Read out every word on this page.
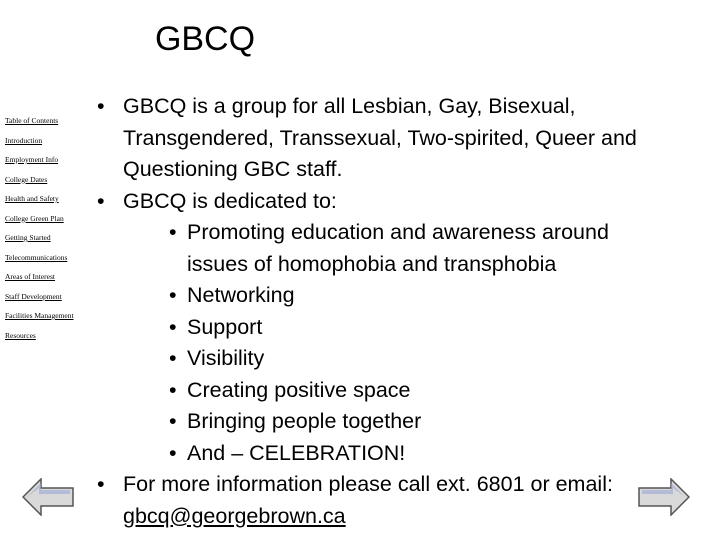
GBCQ
Table of Contents
Introduction
Employment Info
College Dates
Health and Safety
College Green Plan
Getting Started
Telecommunications
Areas of Interest
Staff Development
Facilities Management
Resources
• GBCQ is a group for all Lesbian, Gay, Bisexual,
Transgendered, Transsexual, Two-spirited, Queer and
Questioning GBC staff.
• GBCQ is dedicated to:
• Promoting education and awareness around
issues of homophobia and transphobia
• Networking
• Support
• Visibility
• Creating positive space
• Bringing people together
• And – CELEBRATION!
• For more information please call ext. 6801 or email:
gbcq@georgebrown.ca
